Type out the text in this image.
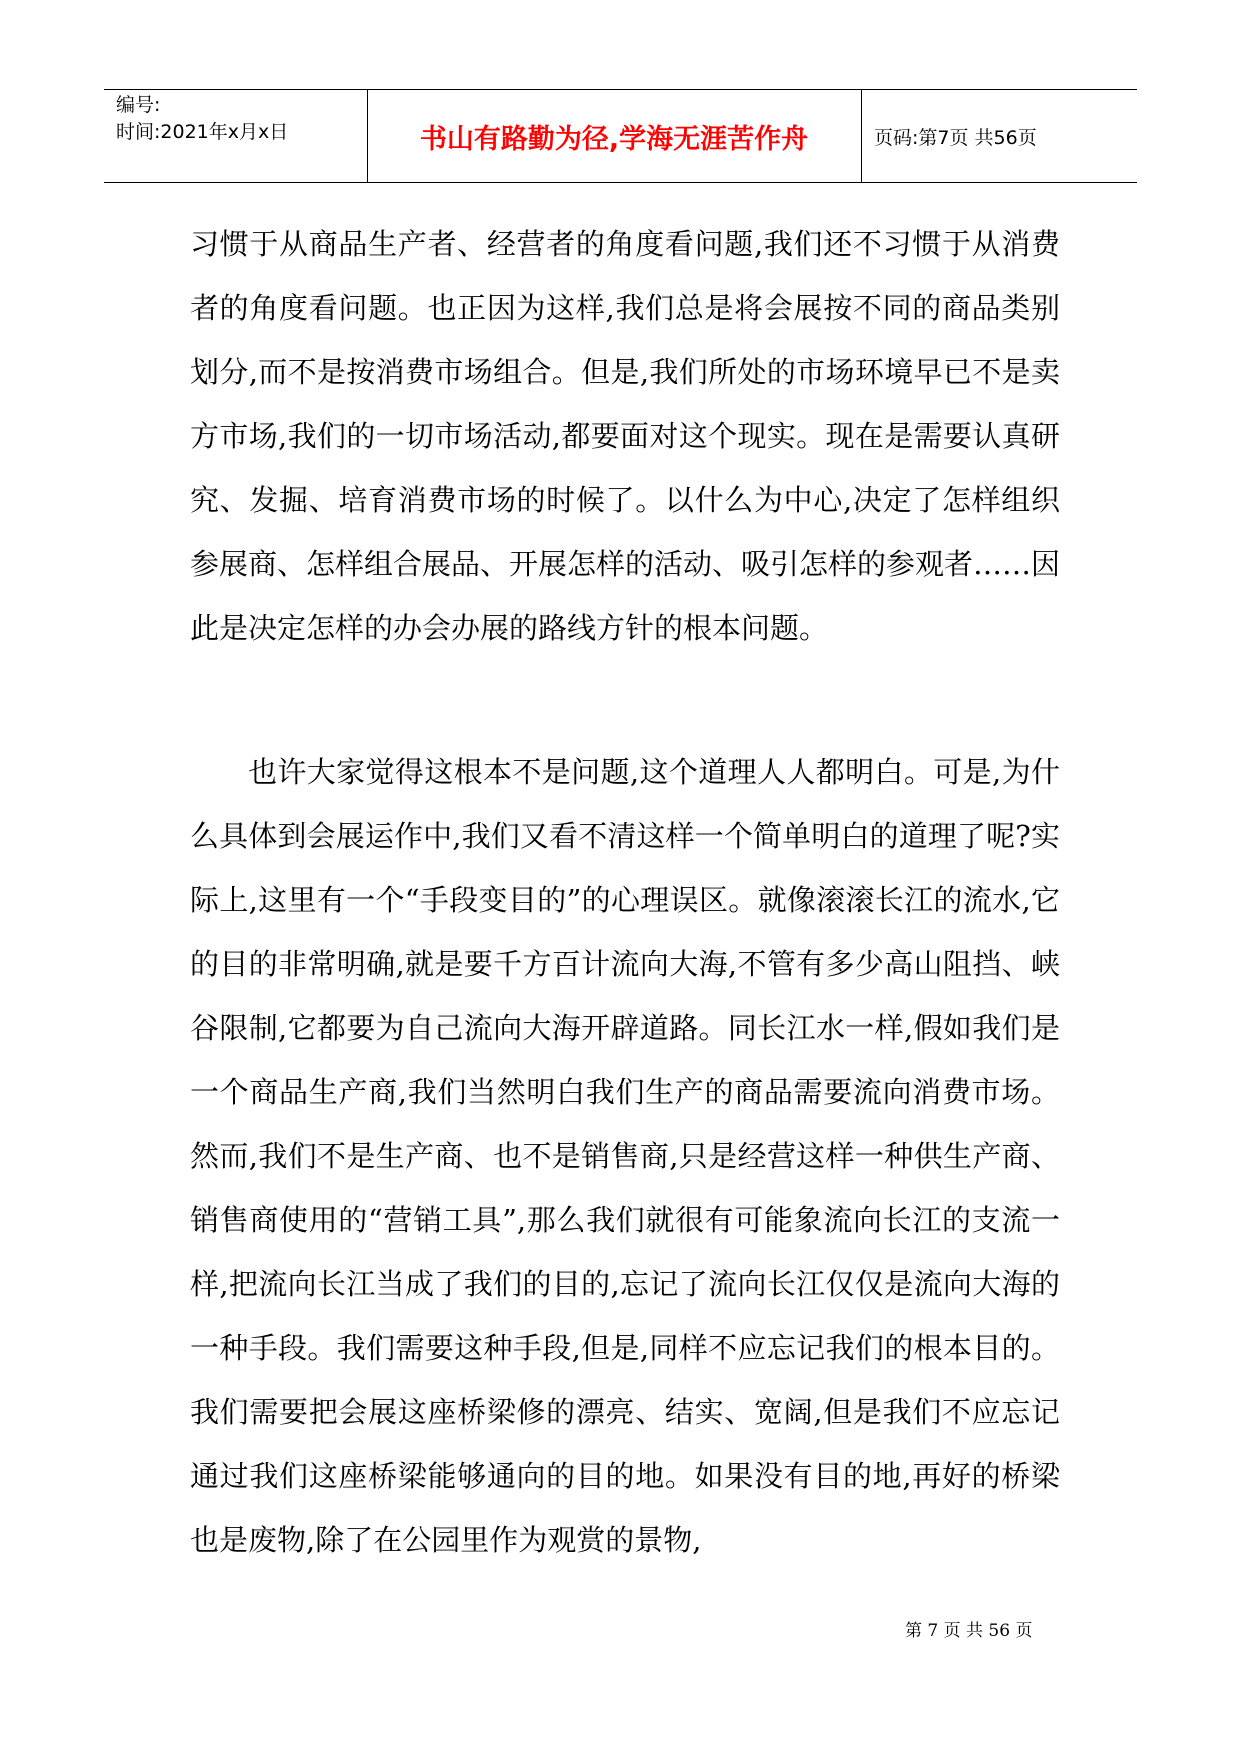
编号:
时间:2021年x月x日	书山有路勤为径,学海无涯苦作舟	页码:第7页 共56页
习惯于从商品生产者、经营者的角度看问题,我们还不习惯于从消费者的角度看问题。也正因为这样,我们总是将会展按不同的商品类别划分,而不是按消费市场组合。但是,我们所处的市场环境早已不是卖方市场,我们的一切市场活动,都要面对这个现实。现在是需要认真研究、发掘、培育消费市场的时候了。以什么为中心,决定了怎样组织参展商、怎样组合展品、开展怎样的活动、吸引怎样的参观者……因此是决定怎样的办会办展的路线方针的根本问题。
也许大家觉得这根本不是问题,这个道理人人都明白。可是,为什么具体到会展运作中,我们又看不清这样一个简单明白的道理了呢?实际上,这里有一个“手段变目的”的心理误区。就像滚滚长江的流水,它的目的非常明确,就是要千方百计流向大海,不管有多少高山阻挡、峡谷限制,它都要为自己流向大海开辟道路。同长江水一样,假如我们是一个商品生产商,我们当然明白我们生产的商品需要流向消费市场。然而,我们不是生产商、也不是销售商,只是经营这样一种供生产商、销售商使用的“营销工具”,那么我们就很有可能象流向长江的支流一样,把流向长江当成了我们的目的,忘记了流向长江仅仅是流向大海的一种手段。我们需要这种手段,但是,同样不应忘记我们的根本目的。我们需要把会展这座桥梁修的漂亮、结实、宽阔,但是我们不应忘记通过我们这座桥梁能够通向的目的地。如果没有目的地,再好的桥梁也是废物,除了在公园里作为观赏的景物,
第 7 页 共 56 页
